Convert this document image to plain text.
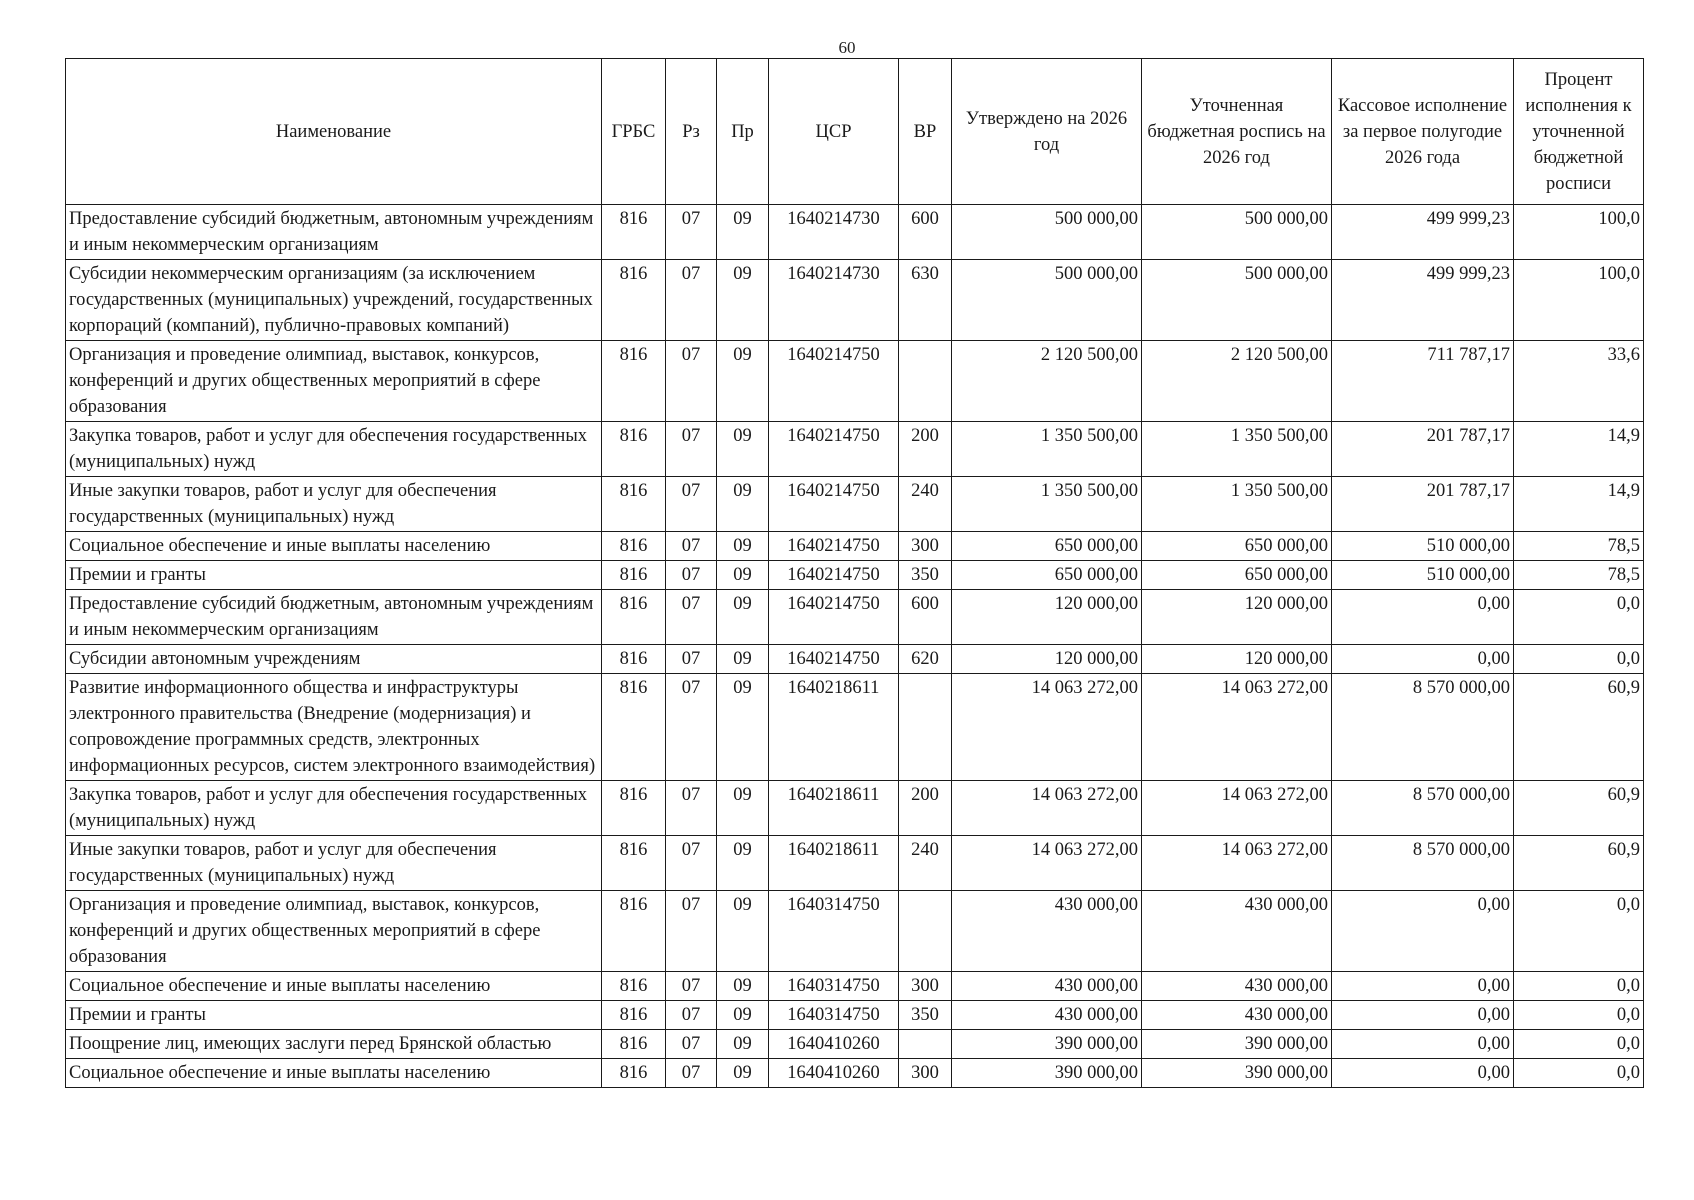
60
Наименование	ГРБС	Рз	Пр	ЦСР	ВР	Утверждено на 2026 год	Уточненная бюджетная роспись на 2026 год	Кассовое исполнение за первое полугодие 2026 года	Процент исполнения к уточненной бюджетной росписи
Предоставление субсидий бюджетным, автономным учреждениям и иным некоммерческим организациям	816	07	09	1640214730	600	500 000,00	500 000,00	499 999,23	100,0
Субсидии некоммерческим организациям (за исключением государственных (муниципальных) учреждений, государственных корпораций (компаний), публично-правовых компаний)	816	07	09	1640214730	630	500 000,00	500 000,00	499 999,23	100,0
Организация и проведение олимпиад, выставок, конкурсов, конференций и других общественных мероприятий в сфере образования	816	07	09	1640214750		2 120 500,00	2 120 500,00	711 787,17	33,6
Закупка товаров, работ и услуг для обеспечения государственных (муниципальных) нужд	816	07	09	1640214750	200	1 350 500,00	1 350 500,00	201 787,17	14,9
Иные закупки товаров, работ и услуг для обеспечения государственных (муниципальных) нужд	816	07	09	1640214750	240	1 350 500,00	1 350 500,00	201 787,17	14,9
Социальное обеспечение и иные выплаты населению	816	07	09	1640214750	300	650 000,00	650 000,00	510 000,00	78,5
Премии и гранты	816	07	09	1640214750	350	650 000,00	650 000,00	510 000,00	78,5
Предоставление субсидий бюджетным, автономным учреждениям и иным некоммерческим организациям	816	07	09	1640214750	600	120 000,00	120 000,00	0,00	0,0
Субсидии автономным учреждениям	816	07	09	1640214750	620	120 000,00	120 000,00	0,00	0,0
Развитие информационного общества и инфраструктуры электронного правительства (Внедрение (модернизация) и сопровождение программных средств, электронных информационных ресурсов, систем электронного взаимодействия)	816	07	09	1640218611		14 063 272,00	14 063 272,00	8 570 000,00	60,9
Закупка товаров, работ и услуг для обеспечения государственных (муниципальных) нужд	816	07	09	1640218611	200	14 063 272,00	14 063 272,00	8 570 000,00	60,9
Иные закупки товаров, работ и услуг для обеспечения государственных (муниципальных) нужд	816	07	09	1640218611	240	14 063 272,00	14 063 272,00	8 570 000,00	60,9
Организация и проведение олимпиад, выставок, конкурсов, конференций и других общественных мероприятий в сфере образования	816	07	09	1640314750		430 000,00	430 000,00	0,00	0,0
Социальное обеспечение и иные выплаты населению	816	07	09	1640314750	300	430 000,00	430 000,00	0,00	0,0
Премии и гранты	816	07	09	1640314750	350	430 000,00	430 000,00	0,00	0,0
Поощрение лиц, имеющих заслуги перед Брянской областью	816	07	09	1640410260		390 000,00	390 000,00	0,00	0,0
Социальное обеспечение и иные выплаты населению	816	07	09	1640410260	300	390 000,00	390 000,00	0,00	0,0
